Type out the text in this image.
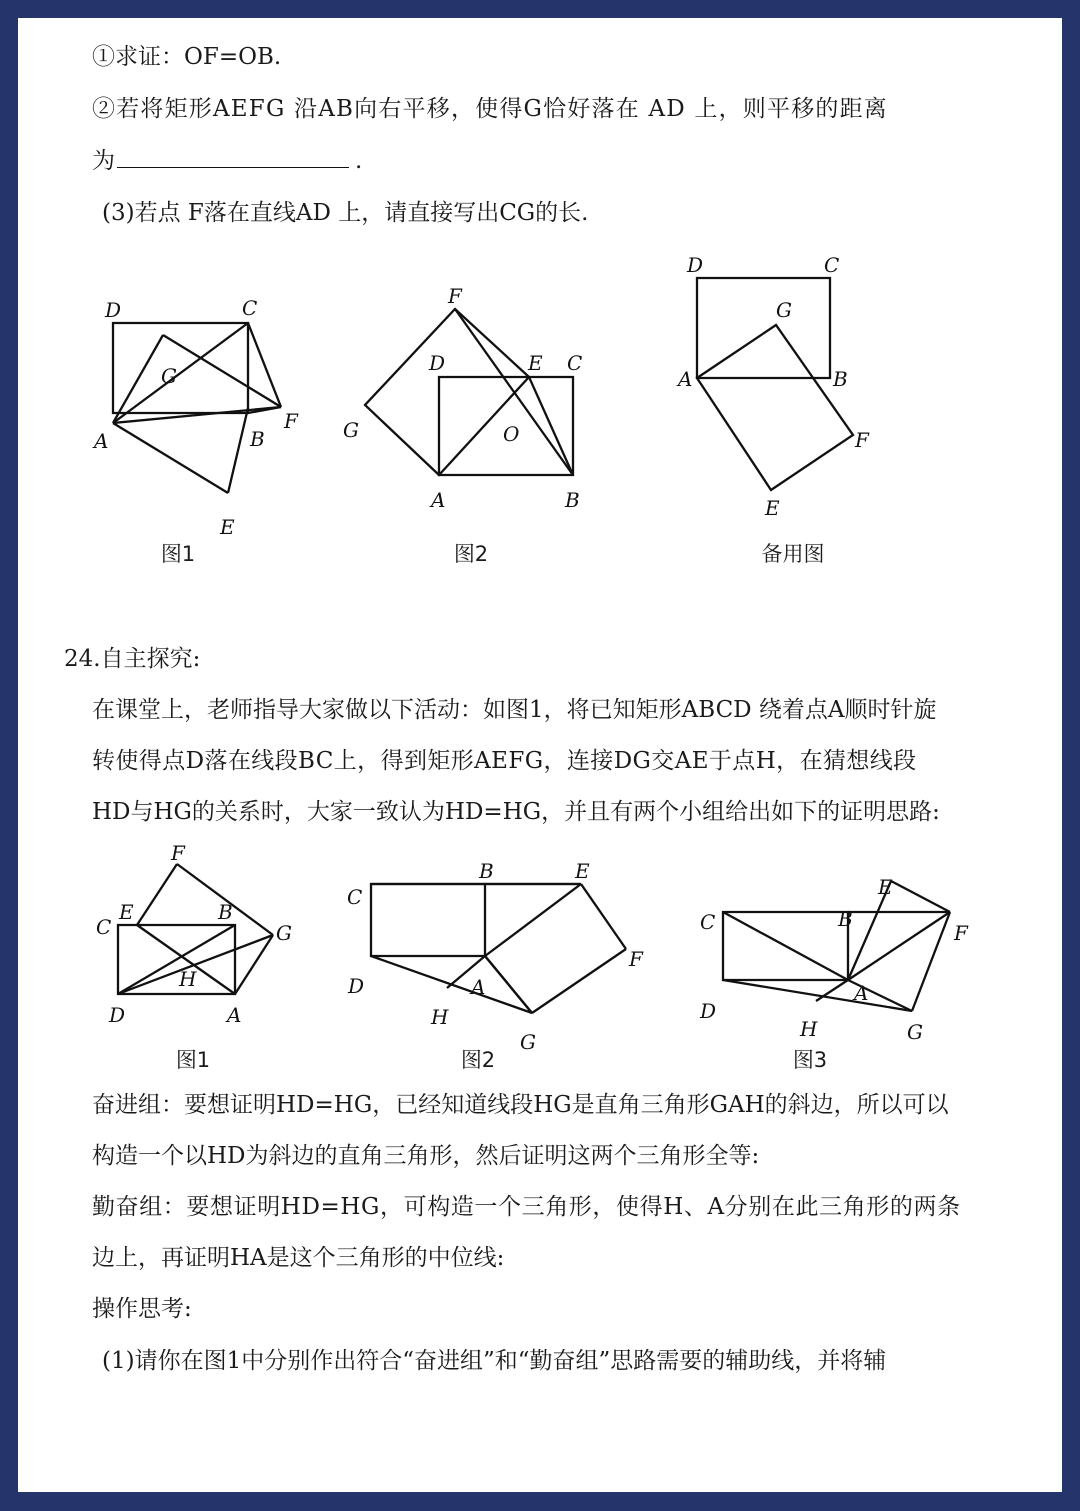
①求证：OF=OB.
②若将矩形AEFG 沿AB向右平移，使得G恰好落在 AD 上，则平移的距离
为	.
(3)若点 F落在直线AD 上，请直接写出CG的长.
D	C
G
A	B
F
E
图1
F
D	E C
G	O
A	B
图2
D	C
G
A	B
F
E
备用图
24.自主探究:
在课堂上，老师指导大家做以下活动：如图1，将已知矩形ABCD 绕着点A顺时针旋
转使得点D落在线段BC上，得到矩形AEFG，连接DG交AE于点H，在猜想线段
HD与HG的关系时，大家一致认为HD=HG，并且有两个小组给出如下的证明思路:
F
C
E	B
G
H
D	A
图1
C
B	E
F
D	A
H
G
图2
E
C	B
F
A
D
H	G
图3
奋进组：要想证明HD=HG，已经知道线段HG是直角三角形GAH的斜边，所以可以
构造一个以HD为斜边的直角三角形，然后证明这两个三角形全等:
勤奋组：要想证明HD=HG，可构造一个三角形，使得H、A分别在此三角形的两条
边上，再证明HA是这个三角形的中位线:
操作思考:
(1)请你在图1中分别作出符合“奋进组”和“勤奋组”思路需要的辅助线，并将辅
